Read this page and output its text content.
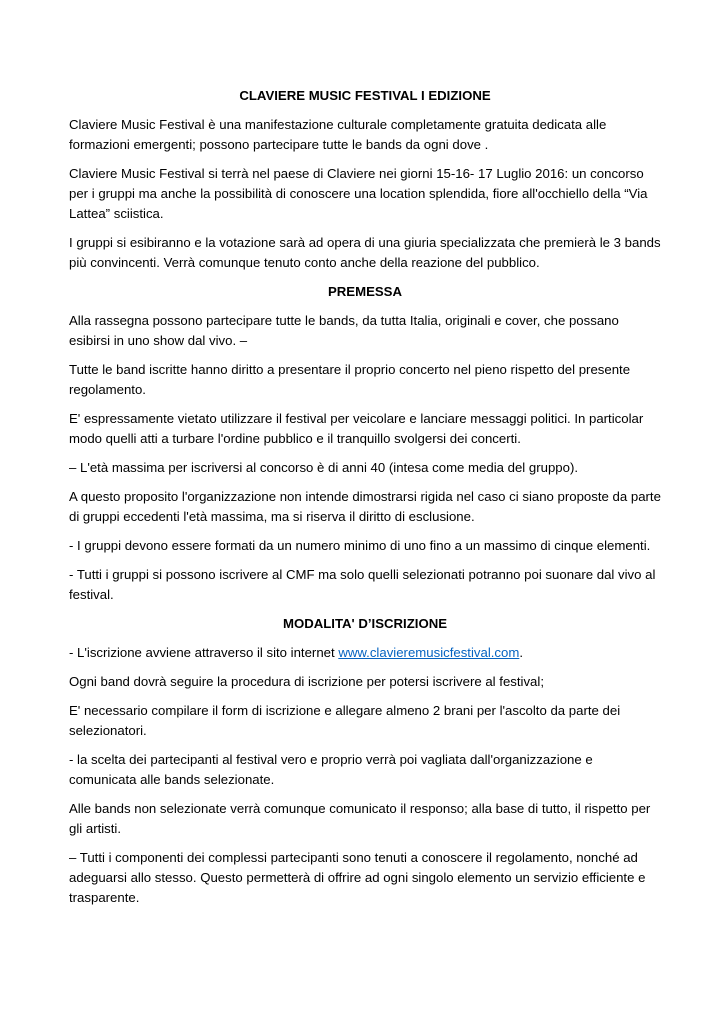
CLAVIERE MUSIC FESTIVAL I EDIZIONE
Claviere Music Festival è una manifestazione culturale completamente gratuita dedicata alle formazioni emergenti; possono partecipare tutte le bands da ogni dove .
Claviere Music Festival si terrà nel paese di Claviere nei giorni 15-16- 17 Luglio 2016: un concorso per i gruppi ma anche la possibilità di conoscere una location splendida, fiore all'occhiello della “Via Lattea” sciistica.
I gruppi si esibiranno e la votazione sarà ad opera di una giuria specializzata che premierà le 3 bands più convincenti. Verrà comunque tenuto conto anche della reazione del pubblico.
PREMESSA
Alla rassegna possono partecipare tutte le bands, da tutta Italia, originali e cover, che possano esibirsi in uno show dal vivo. –
Tutte le band iscritte hanno diritto a presentare il proprio concerto nel pieno rispetto del presente regolamento.
E' espressamente vietato utilizzare il festival per veicolare e lanciare messaggi politici. In particolar modo quelli atti a turbare l'ordine pubblico e il tranquillo svolgersi dei concerti.
– L'età massima per iscriversi al concorso è di anni 40 (intesa come media del gruppo).
A questo proposito l'organizzazione non intende dimostrarsi rigida nel caso ci siano proposte da parte di gruppi eccedenti l'età massima, ma si riserva il diritto di esclusione.
- I gruppi devono essere formati da un numero minimo di uno fino a un massimo di cinque elementi.
- Tutti i gruppi si possono iscrivere al CMF ma solo quelli selezionati potranno poi suonare dal vivo al festival.
MODALITA' D’ISCRIZIONE
- L'iscrizione avviene attraverso il sito internet www.clavieremusicfestival.com.
Ogni band dovrà seguire la procedura di iscrizione per potersi iscrivere al festival;
E' necessario compilare il form di iscrizione e allegare almeno 2 brani per l'ascolto da parte dei selezionatori.
- la scelta dei partecipanti al festival vero e proprio verrà poi vagliata dall'organizzazione e comunicata alle bands selezionate.
Alle bands non selezionate verrà comunque comunicato il responso; alla base di tutto, il rispetto per gli artisti.
– Tutti i componenti dei complessi partecipanti sono tenuti a conoscere il regolamento, nonché ad adeguarsi allo stesso. Questo permetterà di offrire ad ogni singolo elemento un servizio efficiente e trasparente.
